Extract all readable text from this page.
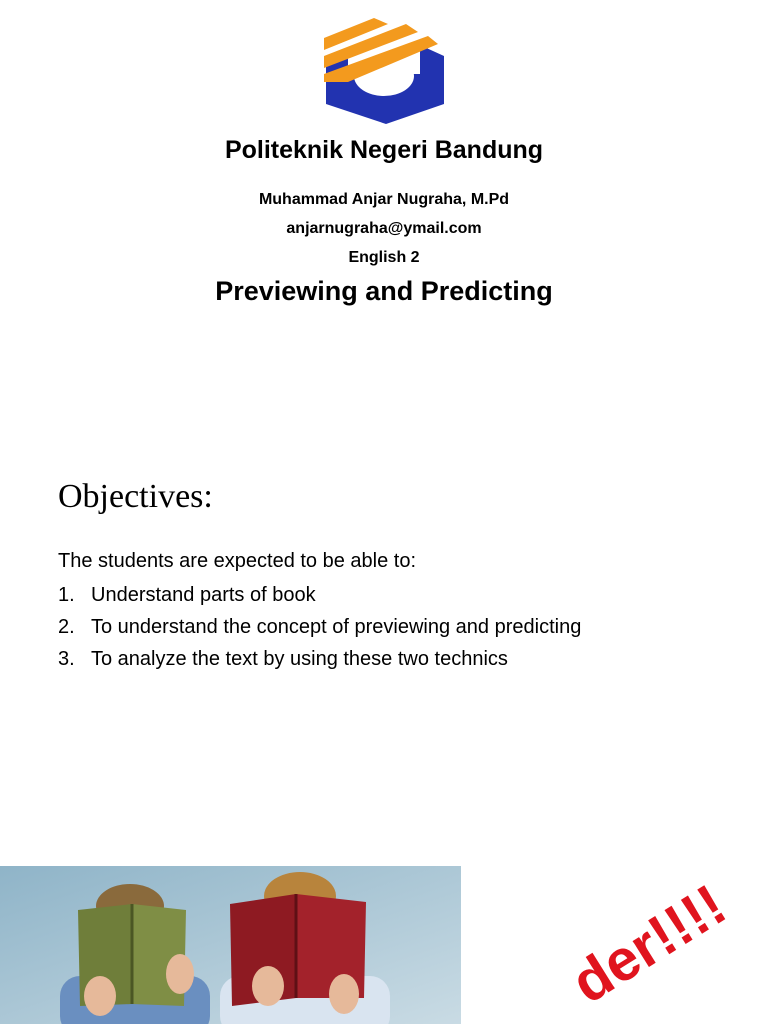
Politeknik Negeri Bandung
Muhammad Anjar Nugraha, M.Pd
anjarnugraha@ymail.com
English 2
Previewing and Predicting
Objectives:
The students are expected to be able to:
1. Understand parts of book
2. To understand the concept of previewing and predicting
3. To analyze the text by using these two technics
der!!!!
